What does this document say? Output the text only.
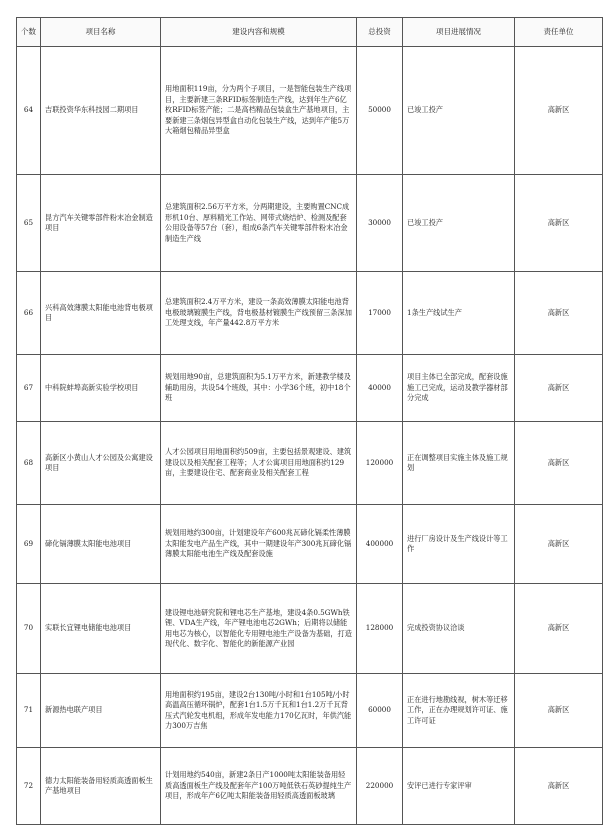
个数	项目名称	建设内容和规模	总投资	项目进展情况	责任单位
64	吉联投资华东科技园二期项目	用地面积119亩，分为两个子项目，一是智能包装生产线项目，主要新建三条RFID标签制造生产线，达到年生产6亿枚RFID标签产能；二是高档精品包装盒生产基地项目，主要新建三条烟包异型盒自动化包装生产线，达到年产能5万大箱烟包精品异型盒	50000	已竣工投产	高新区
65	昆方汽车关键零部件粉末冶金制造项目	总建筑面积2.56万平方米，分两期建设，主要购置CNC成形机10台、厚料精光工作站、网带式烧结炉、检测及配套公用设备等57台（套），组成6条汽车关键零部件粉末冶金制造生产线	30000	已竣工投产	高新区
66	兴科高效薄膜太阳能电池背电极项目	总建筑面积2.4万平方米，建设一条高效薄膜太阳能电池背电极玻璃镀膜生产线，背电极基材镀膜生产线预留三条深加工处理支线，年产量442.8万平方米	17000	1条生产线试生产	高新区
67	中科院蚌埠高新实验学校项目	规划用地90亩，总建筑面积为5.1万平方米，新建教学楼及辅助用房，共设54个班级，其中：小学36个班，初中18个班	40000	项目主体已全部完成，配套设施施工已完成，运动及教学器材部分完成	高新区
68	高新区小黄山人才公园及公寓建设项目	人才公园项目用地面积约509亩，主要包括景观建设、建筑建设以及相关配套工程等；人才公寓项目用地面积约129亩，主要建设住宅、配套商业及相关配套工程	120000	正在调整项目实施主体及施工规划	高新区
69	碲化镉薄膜太阳能电池项目	规划用地约300亩，计划建设年产600兆瓦碲化镉柔性薄膜太阳能发电产品生产线，其中一期建设年产300兆瓦碲化镉薄膜太阳能电池生产线及配套设施	400000	进行厂房设计及生产线设计等工作	高新区
70	实联长宜锂电储能电池项目	建设锂电池研究院和锂电芯生产基地，建设4条0.5GWh铁锂、VDA生产线，年产锂电池电芯2GWh；后期将以储能用电芯为核心，以智能化专用锂电池生产设备为基础，打造现代化、数字化、智能化的新能源产业园	128000	完成投资协议洽谈	高新区
71	新源热电联产项目	用地面积约195亩，建设2台130吨/小时和1台105吨/小时高温高压循环锅炉，配套1台1.5万千瓦和1台1.2万千瓦背压式汽轮发电机组，形成年发电能力170亿瓦时，年供汽能力300万吉焦	60000	正在进行地勘线视，树木等迁移工作，正在办理规划许可证、施工许可证	高新区
72	德力太阳能装备用轻质高透面板生产基地项目	计划用地约540亩，新建2条日产1000吨太阳能装备用轻质高透面板生产线及配套年产100万吨低铁石英砂提纯生产项目，形成年产6亿吨太阳能装备用轻质高透面板玻璃	220000	安评已进行专家评审	高新区
